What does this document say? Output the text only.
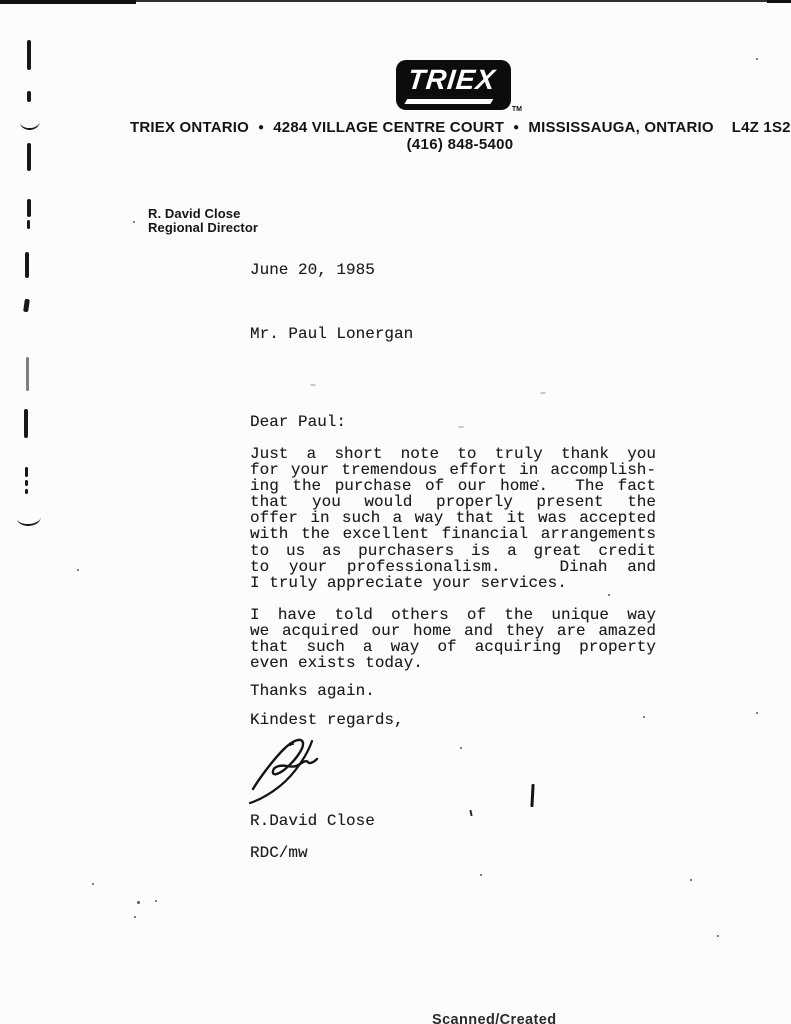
TRIEX
TM
TRIEX ONTARIO ● 4284 VILLAGE CENTRE COURT ● MISSISSAUGA, ONTARIO L4Z 1S2
(416) 848-5400
R. David Close
Regional Director
June 20, 1985
Mr. Paul Lonergan
Dear Paul:
Just a short note to truly thank you
for your tremendous effort in accomplish-
ing the purchase of our home.  The fact
that you would properly present the
offer in such a way that it was accepted
with the excellent financial arrangements
to us as purchasers is a great credit
to your professionalism.   Dinah and
I truly appreciate your services.
I have told others of the unique way
we acquired our home and they are amazed
that such a way of acquiring property
even exists today.
Thanks again.
Kindest regards,
R.David Close
RDC/mw
Scanned/Created
